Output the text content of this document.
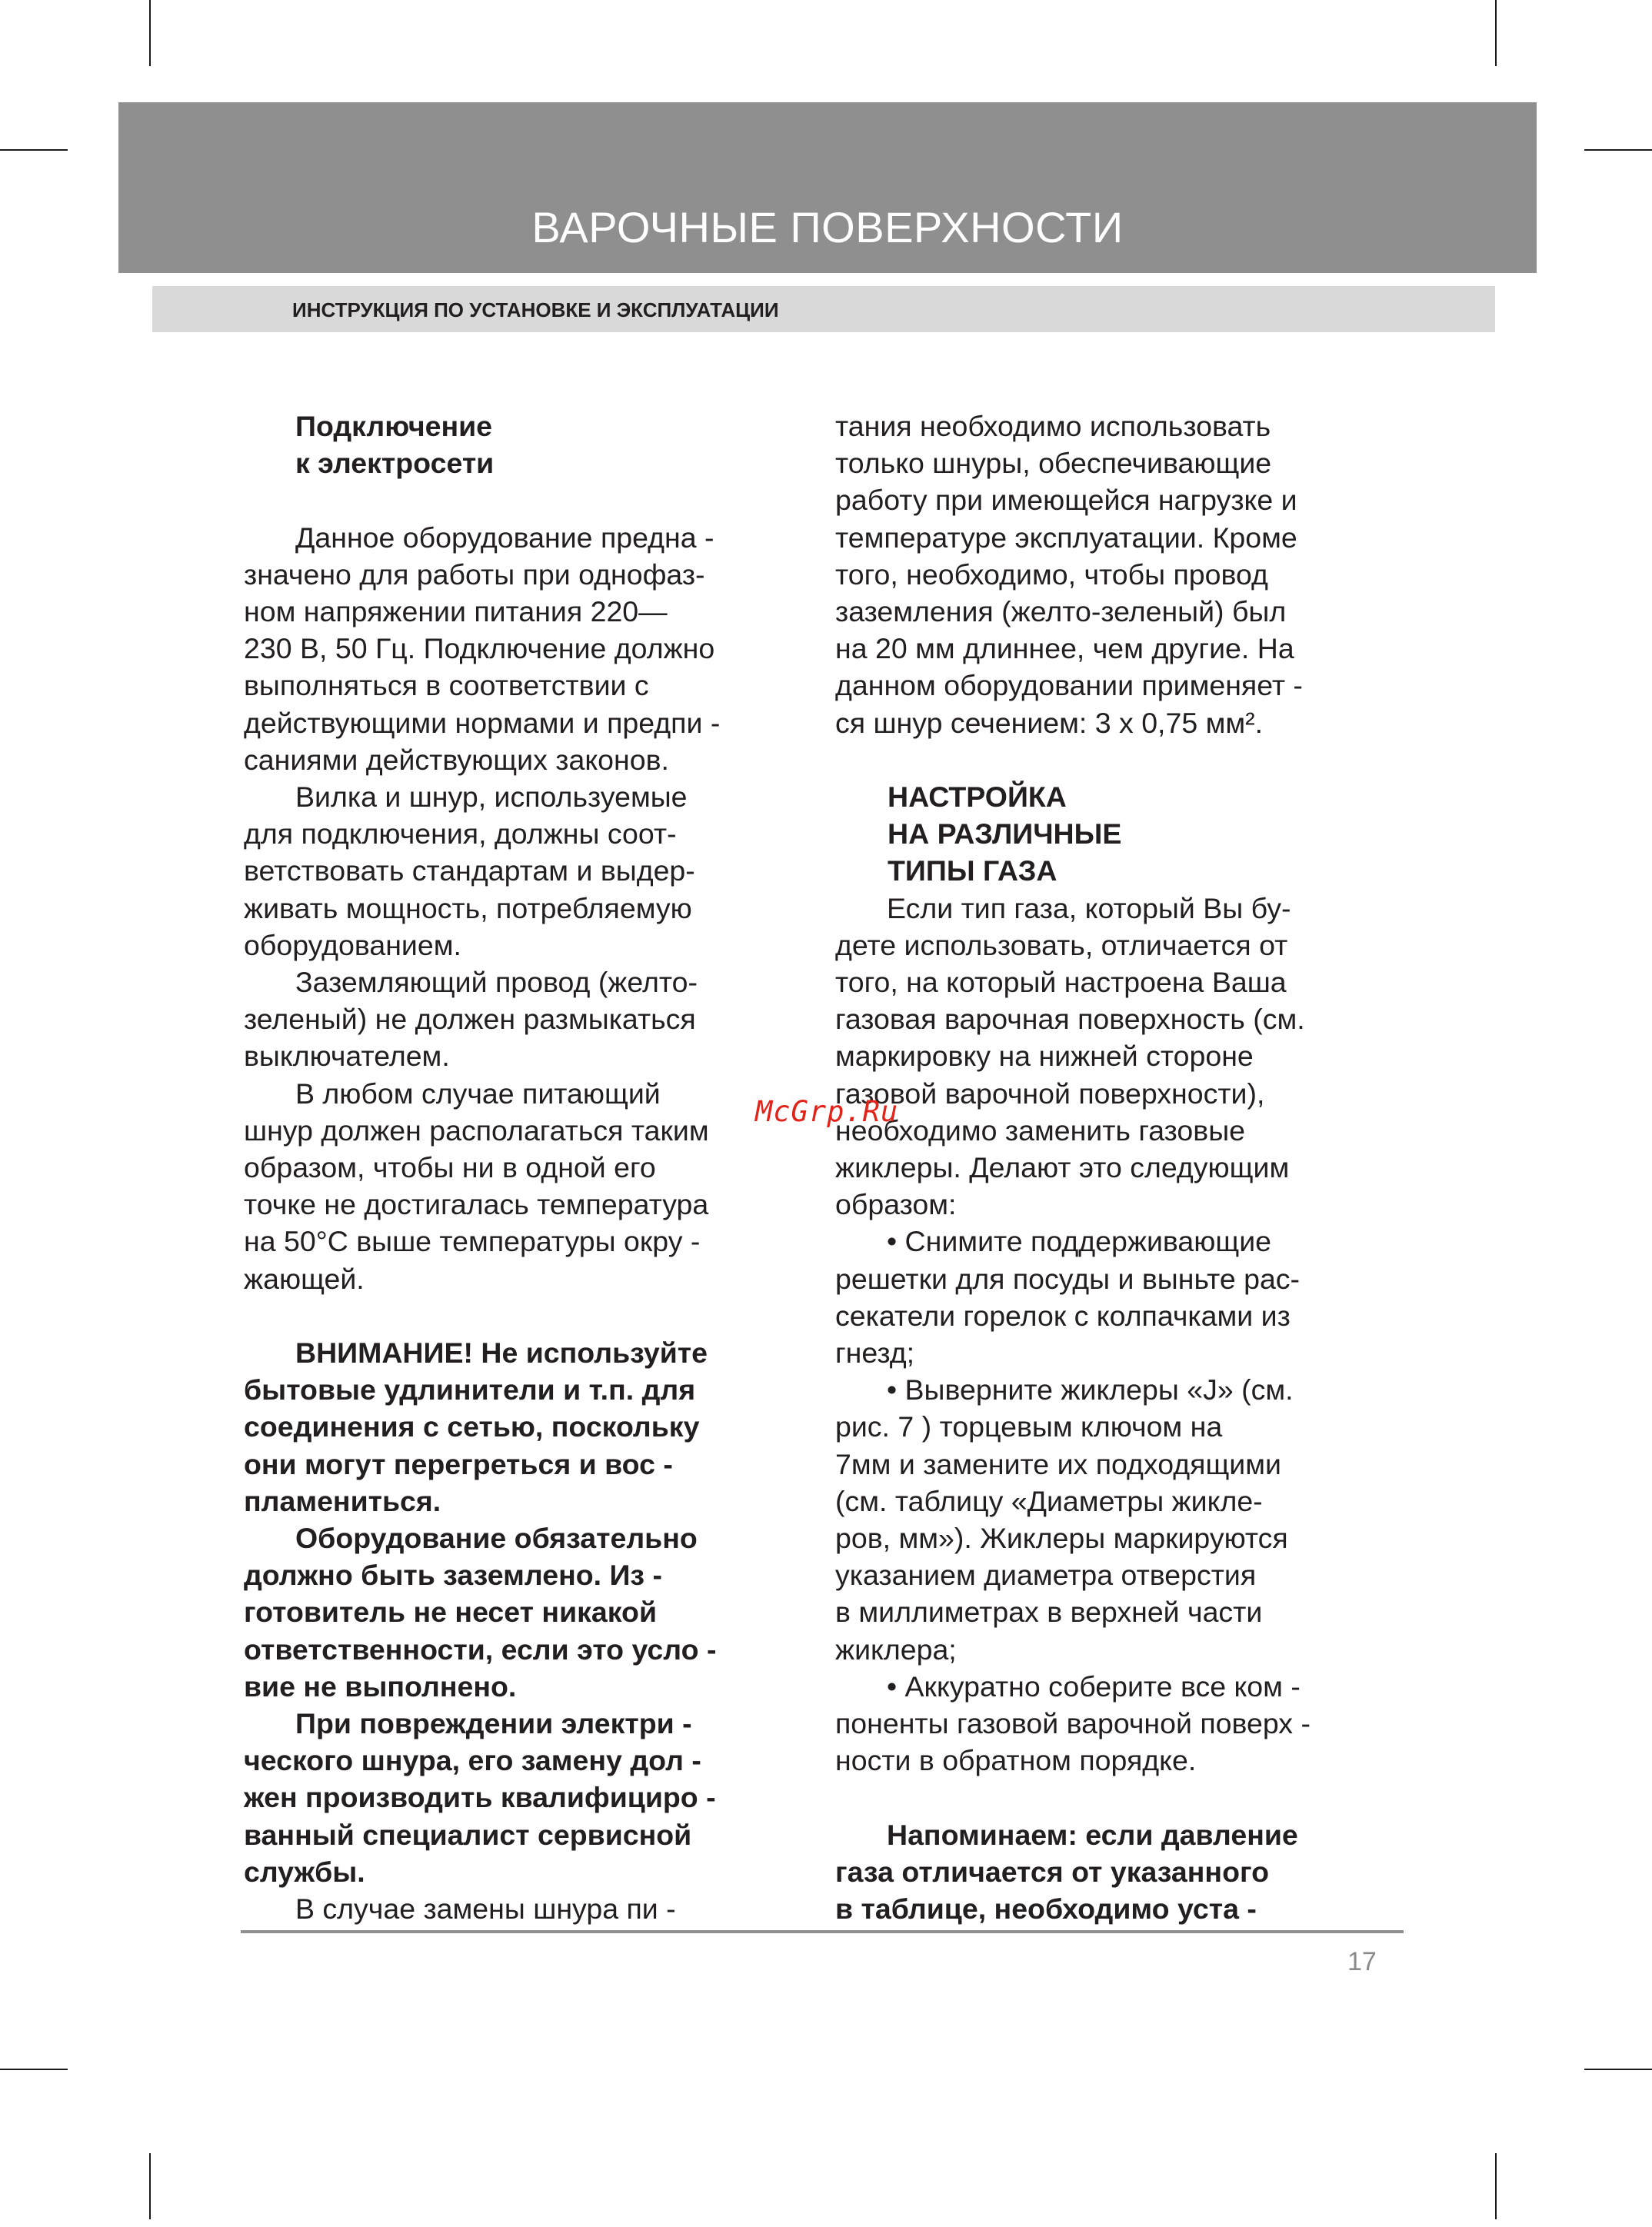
ВАРОЧНЫЕ ПОВЕРХНОСТИ
ИНСТРУКЦИЯ ПО УСТАНОВКЕ И ЭКСПЛУАТАЦИИ

Подключение
к электросети

Данное оборудование предна -
значено для работы при однофаз-
ном напряжении питания 220—
230 В, 50 Гц. Подключение должно
выполняться в соответствии с
действующими нормами и предпи -
саниями действующих законов.

Вилка и шнур, используемые
для подключения, должны соот-
ветствовать стандартам и выдер-
живать мощность, потребляемую
оборудованием.

Заземляющий провод (желто-
зеленый) не должен размыкаться
выключателем.

В любом случае питающий
шнур должен располагаться таким
образом, чтобы ни в одной его
точке не достигалась температура
на 50°С выше температуры окру -
жающей.

ВНИМАНИЕ! Не используйте
бытовые удлинители и т.п. для
соединения с сетью, поскольку
они могут перегреться и вос -
пламениться.

Оборудование обязательно
должно быть заземлено. Из -
готовитель не несет никакой
ответственности, если это усло -
вие не выполнено.

При повреждении электри -
ческого шнура, его замену дол -
жен производить квалифициро -
ванный специалист сервисной
службы.

В случае замены шнура пи -

тания необходимо использовать
только шнуры, обеспечивающие
работу при имеющейся нагрузке и
температуре эксплуатации. Кроме
того, необходимо, чтобы провод
заземления (желто-зеленый) был
на 20 мм длиннее, чем другие. На
данном оборудовании применяет -
ся шнур сечением: 3 х 0,75 мм².

НАСТРОЙКА
НА РАЗЛИЧНЫЕ
ТИПЫ ГАЗА

Если тип газа, который Вы бу-
дете использовать, отличается от
того, на который настроена Ваша
газовая варочная поверхность (см.
маркировку на нижней стороне
газовой варочной поверхности),
необходимо заменить газовые
жиклеры. Делают это следующим
образом:

• Снимите поддерживающие
решетки для посуды и выньте рас-
секатели горелок с колпачками из
гнезд;

• Выверните жиклеры «J» (см.
рис. 7 ) торцевым ключом на
7мм и замените их подходящими
(см. таблицу «Диаметры жикле-
ров, мм»). Жиклеры маркируются
указанием диаметра отверстия
в миллиметрах в верхней части
жиклера;

• Аккуратно соберите все ком -
поненты газовой варочной поверх -
ности в обратном порядке.

Напоминаем: если давление
газа отличается от указанного
в таблице, необходимо уста -

McGrp.Ru
17
